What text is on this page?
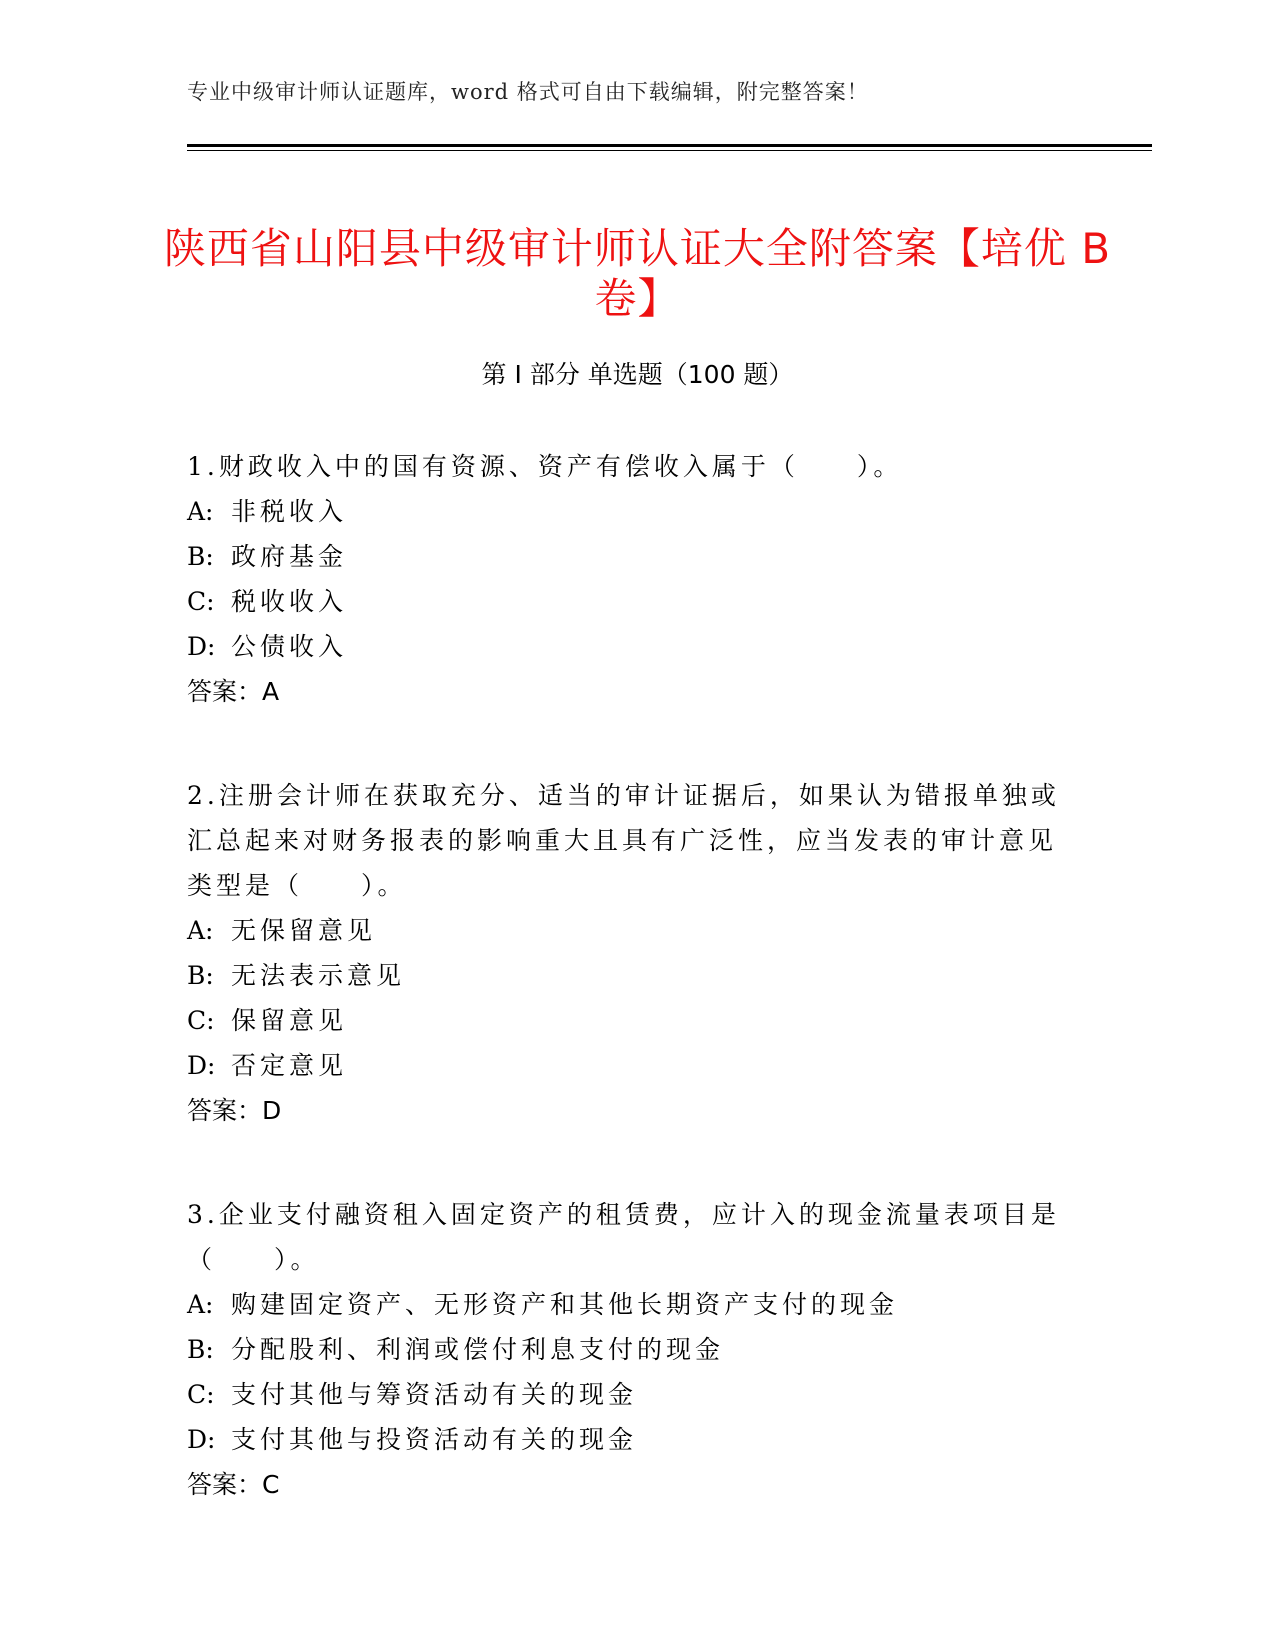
专业中级审计师认证题库，word 格式可自由下载编辑，附完整答案！
陕西省山阳县中级审计师认证大全附答案【培优 B 卷】
第 I 部分 单选题（100 题）

1.财政收入中的国有资源、资产有偿收入属于（　　）。

A: 非税收入

B: 政府基金

C: 税收收入

D: 公债收入

答案：A

2.注册会计师在获取充分、适当的审计证据后，如果认为错报单独或汇总起来对财务报表的影响重大且具有广泛性，应当发表的审计意见类型是（　　）。

A: 无保留意见

B: 无法表示意见

C: 保留意见

D: 否定意见

答案：D

3.企业支付融资租入固定资产的租赁费，应计入的现金流量表项目是（　　）。

A: 购建固定资产、无形资产和其他长期资产支付的现金

B: 分配股利、利润或偿付利息支付的现金

C: 支付其他与筹资活动有关的现金

D: 支付其他与投资活动有关的现金

答案：C
